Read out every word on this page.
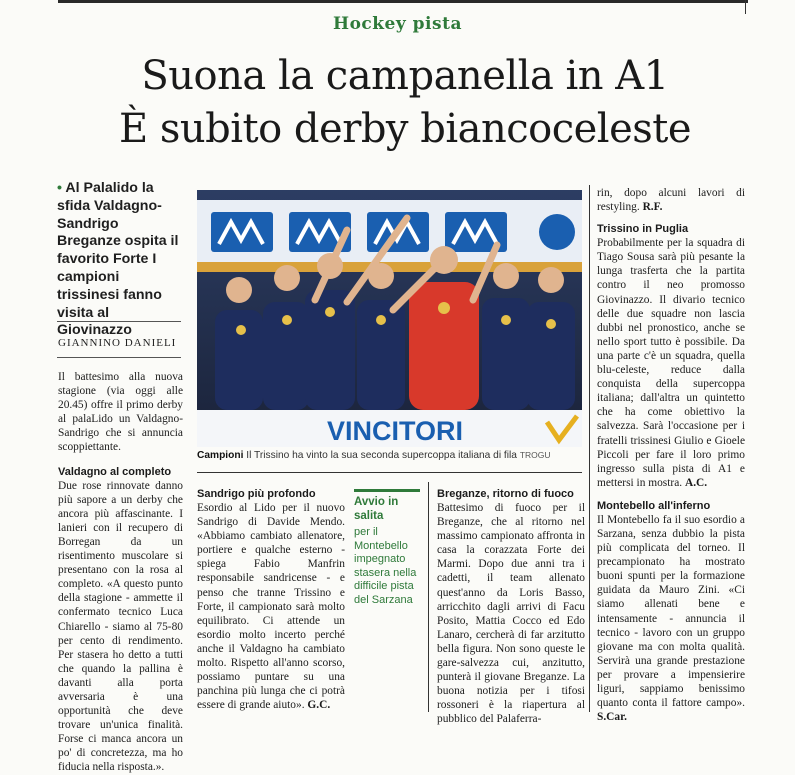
Hockey pista
Suona la campanella in A1
È subito derby biancoceleste
• Al Palalido la sfida Valdagno-Sandrigo Breganze ospita il favorito Forte I campioni trissinesi fanno visita al Giovinazzo
GIANNINO DANIELI

Il battesimo alla nuova stagione (via oggi alle 20.45) offre il primo derby al palaLido un Valdagno-Sandrigo che si annuncia scoppiettante.

Valdagno al completo

Due rose rinnovate danno più sapore a un derby che ancora più affascinante. I lanieri con il recupero di Borregan da un risentimento muscolare si presentano con la rosa al completo. «A questo punto della stagione - ammette il confermato tecnico Luca Chiarello - siamo al 75-80 per cento di rendimento. Per stasera ho detto a tutti che quando la pallina è davanti alla porta avversaria è una opportunità che deve trovare un'unica finalità. Forse ci manca ancora un po' di concretezza, ma ho fiducia nella risposta.».

VINCITORI
Campioni Il Trissino ha vinto la sua seconda supercoppa italiana di fila TROGU
Sandrigo più profondo
Esordio al Lido per il nuovo Sandrigo di Davide Mendo. «Abbiamo cambiato allenatore, portiere e qualche esterno - spiega Fabio Manfrin responsabile sandricense - e penso che tranne Trissino e Forte, il campionato sarà molto equilibrato. Ci attende un esordio molto incerto perché anche il Valdagno ha cambiato molto. Rispetto all'anno scorso, possiamo puntare su una panchina più lunga che ci potrà essere di grande aiuto». G.C.
Avvio in salita
per il Montebello impegnato stasera nella difficile pista del Sarzana
Breganze, ritorno di fuoco
Battesimo di fuoco per il Breganze, che al ritorno nel massimo campionato affronta in casa la corazzata Forte dei Marmi. Dopo due anni tra i cadetti, il team allenato quest'anno da Loris Basso, arricchito dagli arrivi di Facu Posito, Mattia Cocco ed Edo Lanaro, cercherà di far arzitutto bella figura. Non sono queste le gare-salvezza cui, anzitutto, punterà il giovane Breganze. La buona notizia per i tifosi rossoneri è la riapertura al pubblico del Palaferra-
rin, dopo alcuni lavori di restyling. R.F.
Trissino in Puglia
Probabilmente per la squadra di Tiago Sousa sarà più pesante la lunga trasferta che la partita contro il neo promosso Giovinazzo. Il divario tecnico delle due squadre non lascia dubbi nel pronostico, anche se nello sport tutto è possibile. Da una parte c'è un squadra, quella blu-celeste, reduce dalla conquista della supercoppa italiana; dall'altra un quintetto che ha come obiettivo la salvezza. Sarà l'occasione per i fratelli trissinesi Giulio e Gioele Piccoli per fare il loro primo ingresso sulla pista di A1 e mettersi in mostra. A.C.
Montebello all'inferno
Il Montebello fa il suo esordio a Sarzana, senza dubbio la pista più complicata del torneo. Il precampionato ha mostrato buoni spunti per la formazione guidata da Mauro Zini. «Ci siamo allenati bene e intensamente - annuncia il tecnico - lavoro con un gruppo giovane ma con molta qualità. Servirà una grande prestazione per provare a impensierire liguri, sappiamo benissimo quanto conta il fattore campo». S.Car.
